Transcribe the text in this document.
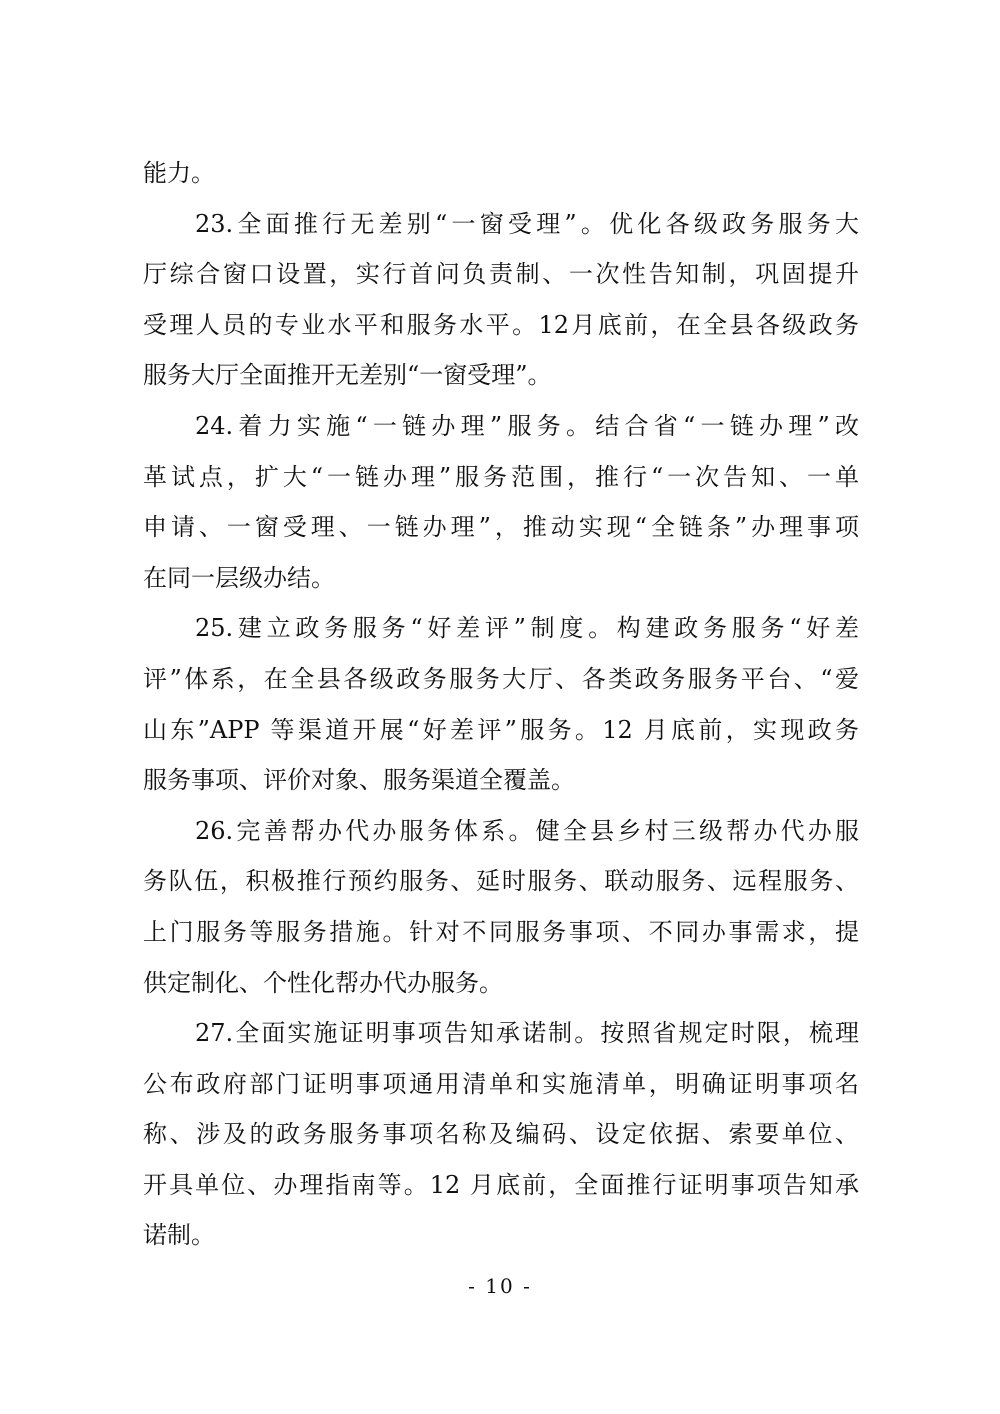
能力。
23.全面推行无差别“一窗受理”。优化各级政务服务大
厅综合窗口设置，实行首问负责制、一次性告知制，巩固提升
受理人员的专业水平和服务水平。12月底前，在全县各级政务
服务大厅全面推开无差别“一窗受理”。
24.着力实施“一链办理”服务。结合省“一链办理”改
革试点，扩大“一链办理”服务范围，推行“一次告知、一单
申请、一窗受理、一链办理”，推动实现“全链条”办理事项
在同一层级办结。
25.建立政务服务“好差评”制度。构建政务服务“好差
评”体系，在全县各级政务服务大厅、各类政务服务平台、“爱
山东”APP 等渠道开展“好差评”服务。12 月底前，实现政务
服务事项、评价对象、服务渠道全覆盖。
26.完善帮办代办服务体系。健全县乡村三级帮办代办服
务队伍，积极推行预约服务、延时服务、联动服务、远程服务、
上门服务等服务措施。针对不同服务事项、不同办事需求，提
供定制化、个性化帮办代办服务。
27.全面实施证明事项告知承诺制。按照省规定时限，梳理
公布政府部门证明事项通用清单和实施清单，明确证明事项名
称、涉及的政务服务事项名称及编码、设定依据、索要单位、
开具单位、办理指南等。12 月底前，全面推行证明事项告知承
诺制。
- 10 -
